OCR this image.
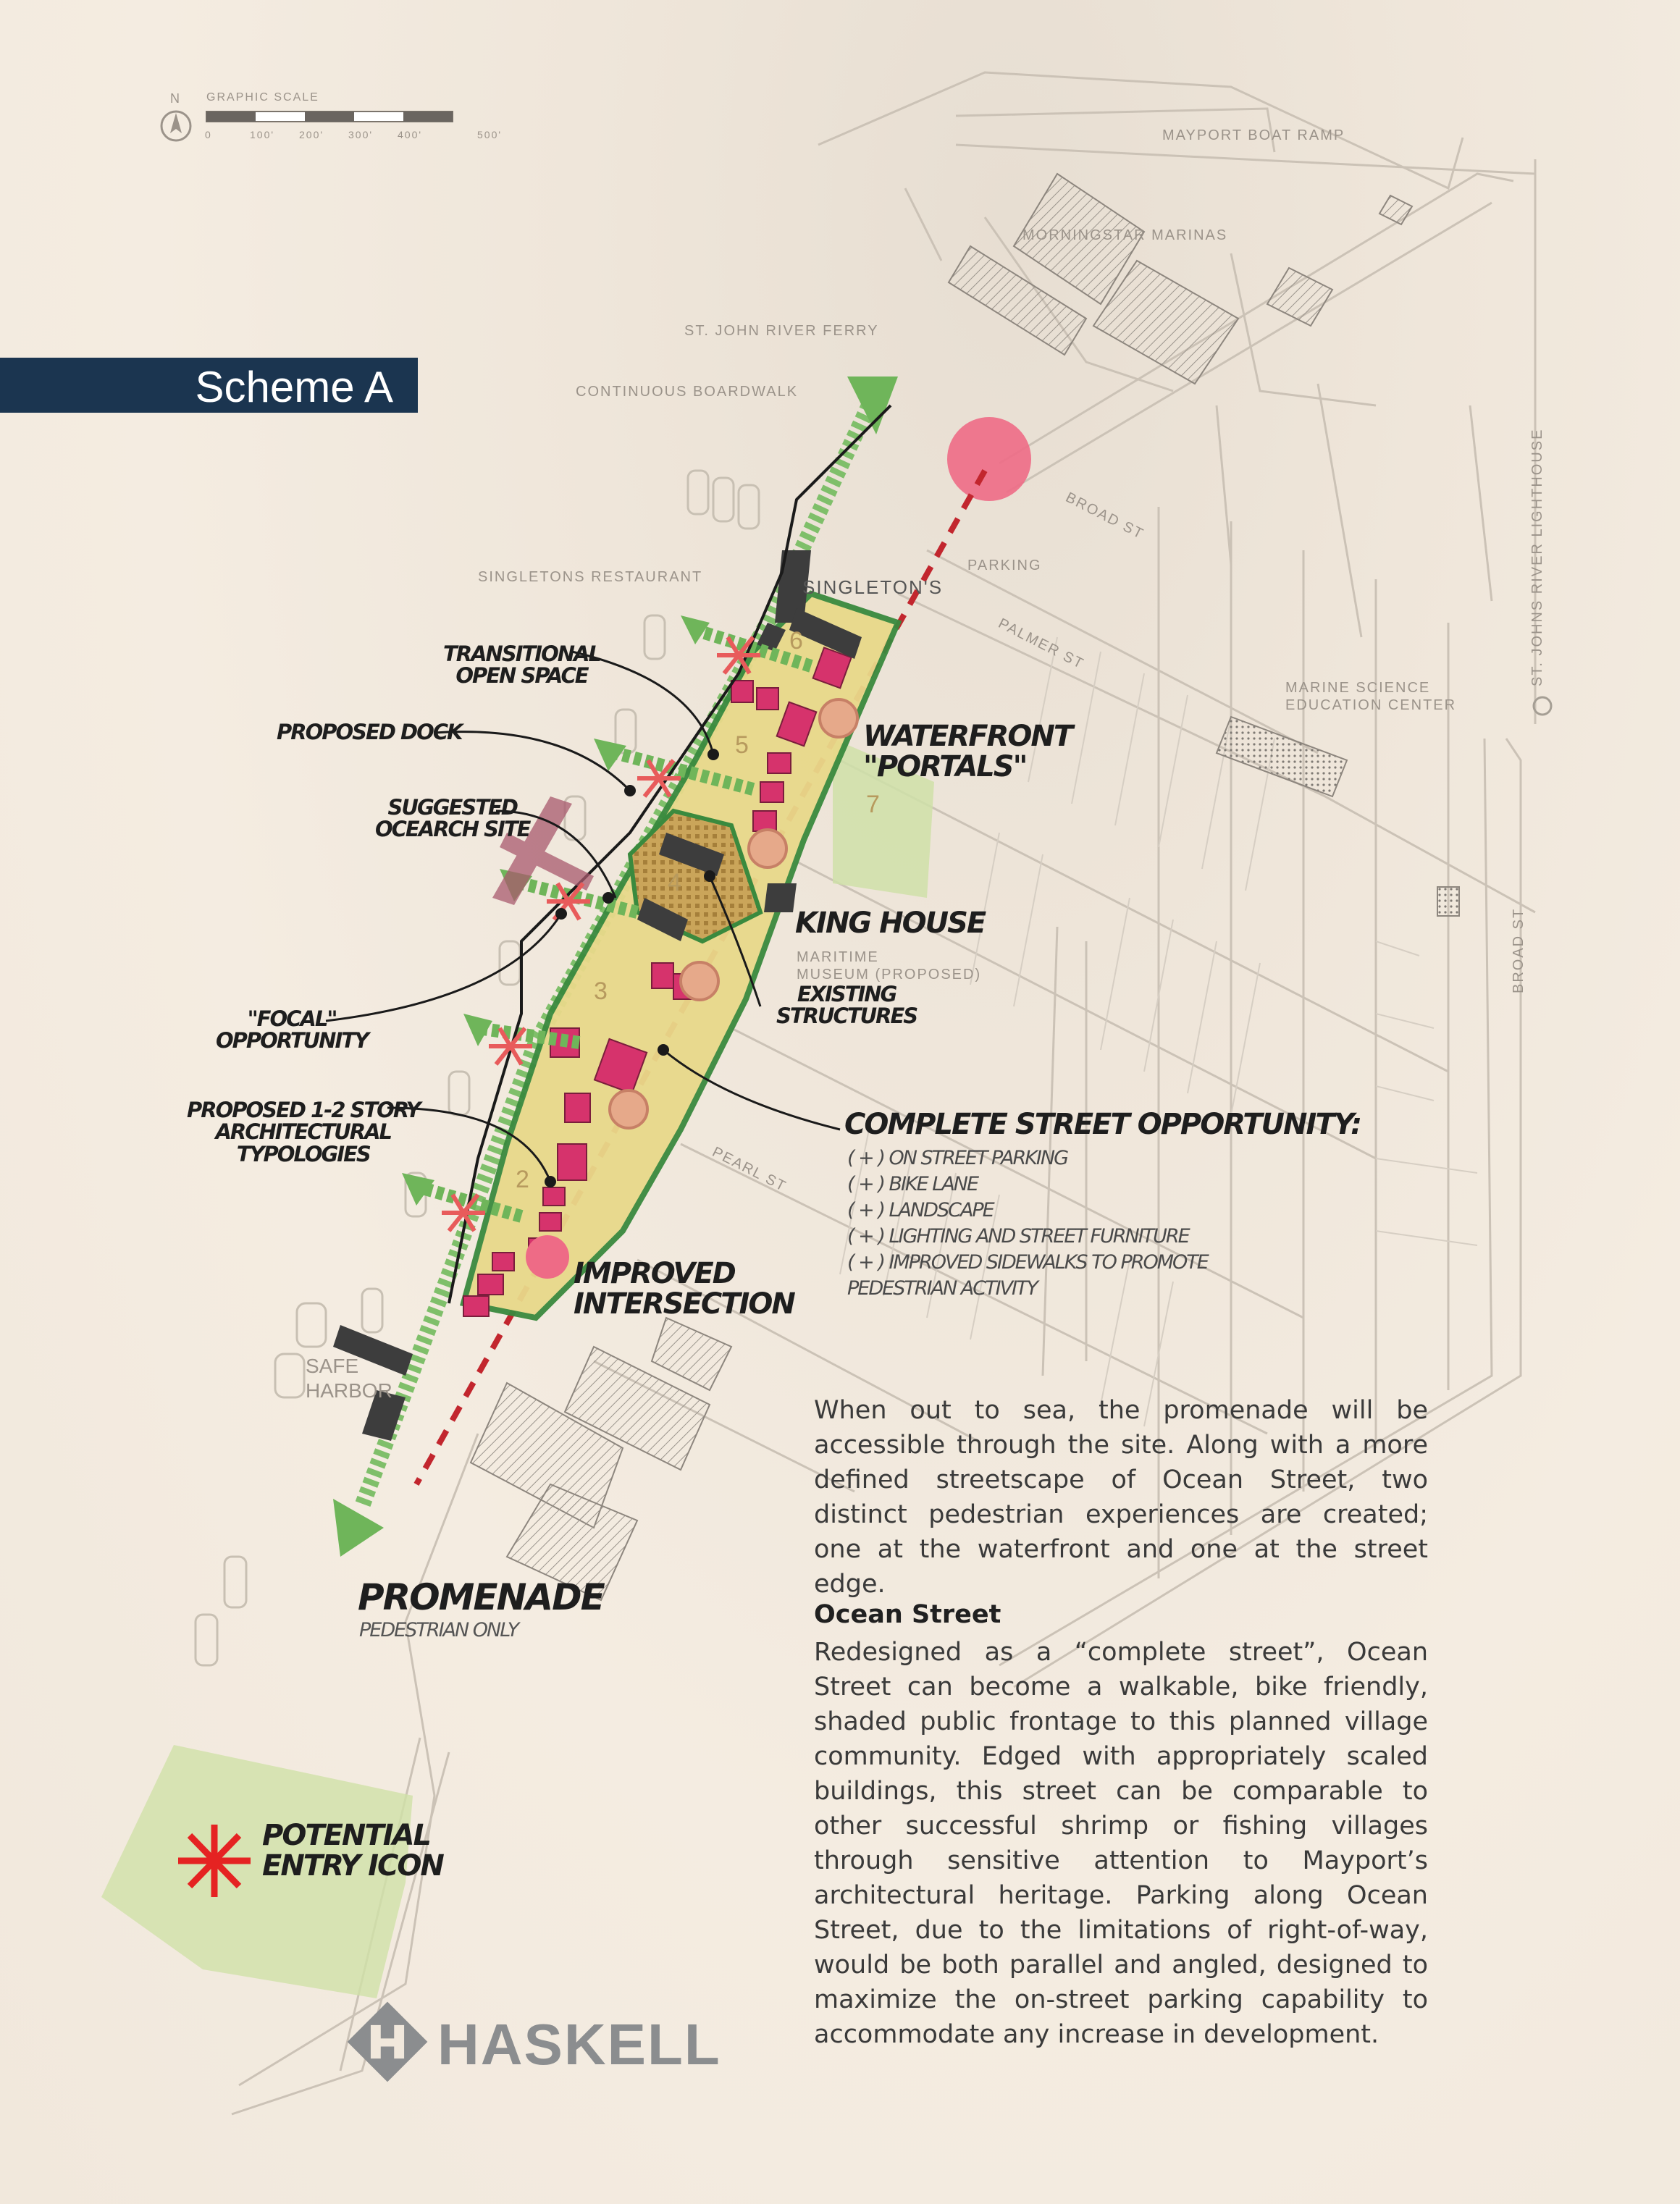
N GRAPHIC SCALE
0	100' 200' 300' 400'	500'
Scheme A
MAYPORT BOAT RAMP
MORNINGSTAR MARINAS
ST. JOHN RIVER FERRY
CONTINUOUS BOARDWALK
SINGLETONS RESTAURANT	SINGLETON'S
PARKING
BROAD ST
PALMER ST
MARINE SCIENCE
EDUCATION CENTER
ST. JOHNS RIVER LIGHTHOUSE
BROAD ST
MARITIME
MUSEUM (PROPOSED)
PEARL ST
SAFE
HARBOR
2
3
4
5
6
7
TRANSITIONAL
OPEN SPACE
PROPOSED DOCK
SUGGESTED
OCEARCH SITE
"FOCAL"
OPPORTUNITY
PROPOSED 1-2 STORY
ARCHITECTURAL
TYPOLOGIES
WATERFRONT
"PORTALS"
KING HOUSE
EXISTING
STRUCTURES
COMPLETE STREET OPPORTUNITY:
( + ) ON STREET PARKING
( + ) BIKE LANE
( + ) LANDSCAPE
( + ) LIGHTING AND STREET FURNITURE
( + ) IMPROVED SIDEWALKS TO PROMOTE
PEDESTRIAN ACTIVITY
IMPROVED
INTERSECTION
PROMENADE
PEDESTRIAN ONLY
POTENTIAL
ENTRY ICON
When out to sea, the promenade will be accessible through the site. Along with a more defined streetscape of Ocean Street, two distinct pedestrian experiences are created; one at the waterfront and one at the street edge.
Ocean Street
Redesigned as a “complete street”, Ocean Street can become a walkable, bike friendly, shaded public frontage to this planned village community. Edged with appropriately scaled buildings, this street can be comparable to other successful shrimp or fishing villages through sensitive attention to Mayport’s architectural heritage. Parking along Ocean Street, due to the limitations of right-of-way, would be both parallel and angled, designed to maximize the on-street parking capability to accommodate any increase in development.
HASKELL
